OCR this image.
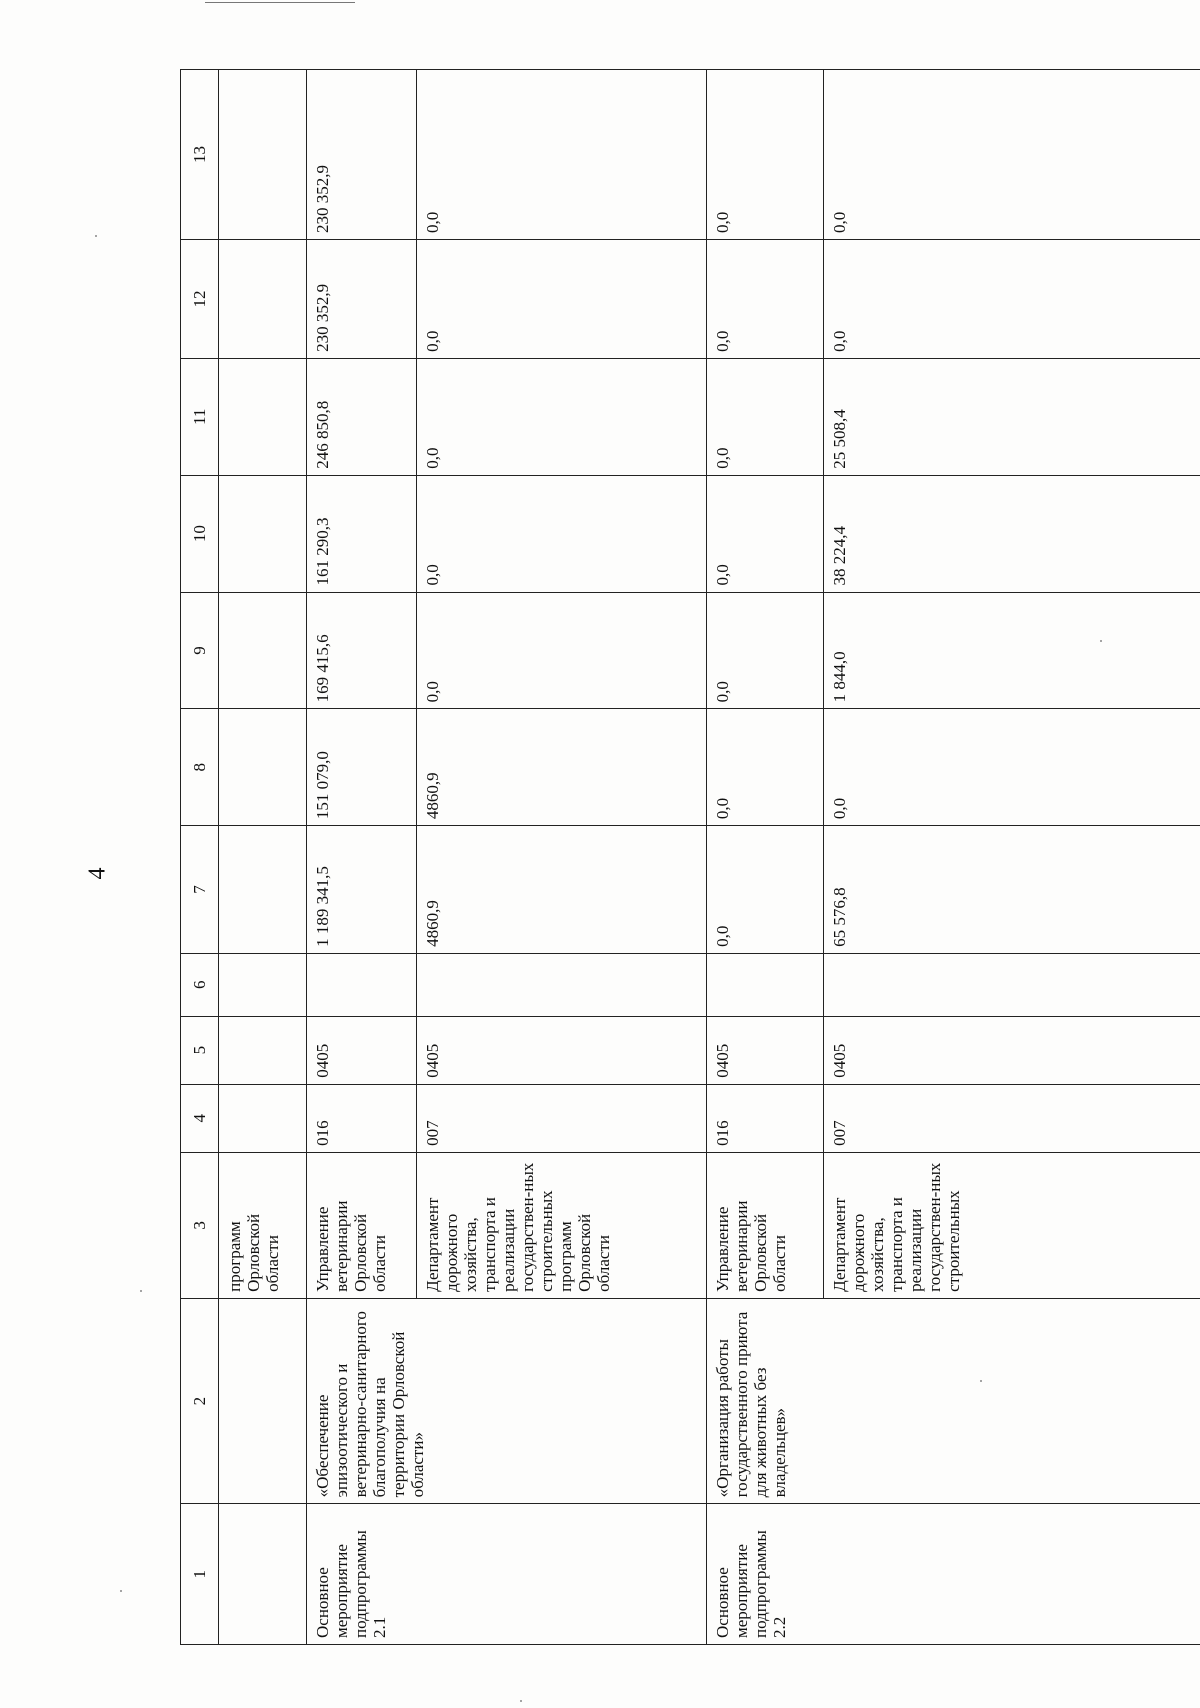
4
1	2	3	4	5	6	7	8	9	10	11	12	13
		программ Орловской области										
Основное мероприятие подпрограммы 2.1	«Обеспечение эпизоотического и ветеринарно-санитарного благополучия на территории Орловской области»	Управление ветеринарии Орловской области	016	0405		1 189 341,5	151 079,0	169 415,6	161 290,3	246 850,8	230 352,9	230 352,9
		Департамент дорожного хозяйства, транспорта и реализации государствен-ных строительных программ Орловской области	007	0405		4860,9	4860,9	0,0	0,0	0,0	0,0	0,0
Основное мероприятие подпрограммы 2.2	«Организация работы государственного приюта для животных без владельцев»	Управление ветеринарии Орловской области	016	0405		0,0	0,0	0,0	0,0	0,0	0,0	0,0
		Департамент дорожного хозяйства, транспорта и реализации государствен-ных строительных	007	0405		65 576,8	0,0	1 844,0	38 224,4	25 508,4	0,0	0,0
